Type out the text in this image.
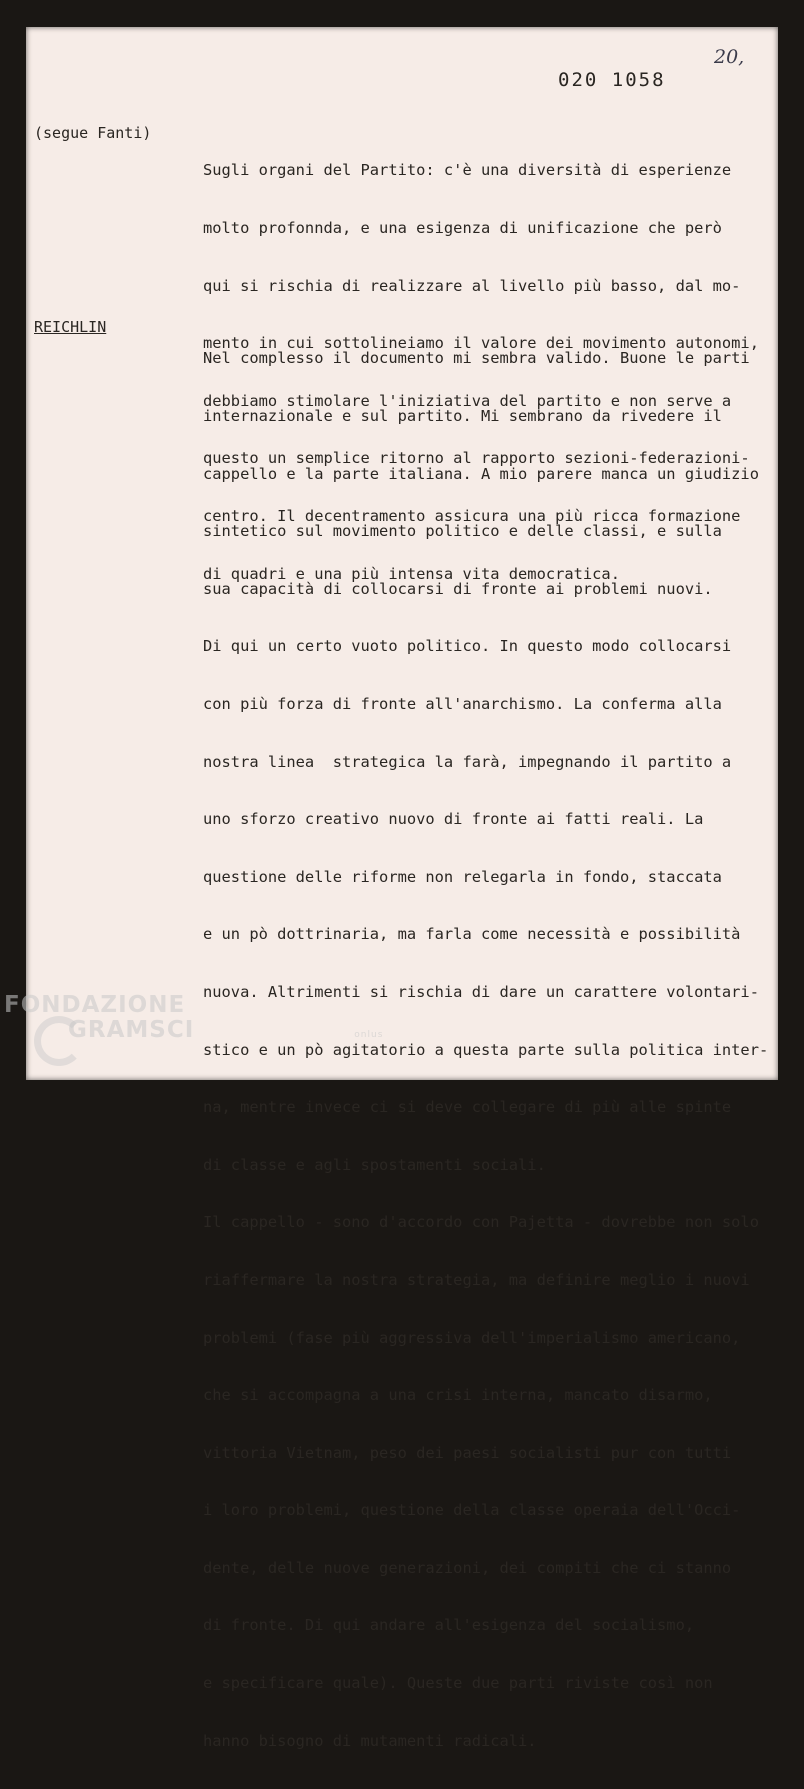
20,
020 1058
(segue Fanti)

Sugli organi del Partito: c'è una diversità di esperienze

molto profonnda, e una esigenza di unificazione che però

qui si rischia di realizzare al livello più basso, dal mo-

mento in cui sottolineiamo il valore dei movimento autonomi,

debbiamo stimolare l'iniziativa del partito e non serve a

questo un semplice ritorno al rapporto sezioni-federazioni-

centro. Il decentramento assicura una più ricca formazione

di quadri e una più intensa vita democratica.

REICHLIN

Nel complesso il documento mi sembra valido. Buone le parti

internazionale e sul partito. Mi sembrano da rivedere il

cappello e la parte italiana. A mio parere manca un giudizio

sintetico sul movimento politico e delle classi, e sulla

sua capacità di collocarsi di fronte ai problemi nuovi.

Di qui un certo vuoto politico. In questo modo collocarsi

con più forza di fronte all'anarchismo. La conferma alla

nostra linea  strategica la farà, impegnando il partito a

uno sforzo creativo nuovo di fronte ai fatti reali. La

questione delle riforme non relegarla in fondo, staccata

e un pò dottrinaria, ma farla come necessità e possibilità

nuova. Altrimenti si rischia di dare un carattere volontari-

stico e un pò agitatorio a questa parte sulla politica inter-

na, mentre invece ci si deve collegare di più alle spinte

di classe e agli spostamenti sociali.

Il cappello - sono d'accordo con Pajetta - dovrebbe non solo

riaffermare la nostra strategia, ma definire meglio i nuovi

problemi (fase più aggressiva dell'imperialismo americano,

che si accompagna a una crisi interna, mancato disarmo,

vittoria Vietnam, peso dei paesi socialisti pur con tutti

i loro problemi, questione della classe operaia dell'Occi-

dente, delle nuove generazioni, dei compiti che ci stanno

di fronte. Di qui andare all'esigenza del socialismo,

e specificare quale). Queste due parti riviste così non

hanno bisogno di mutamenti radicali.

FONDAZIONE
GRAMSCI	onlus
